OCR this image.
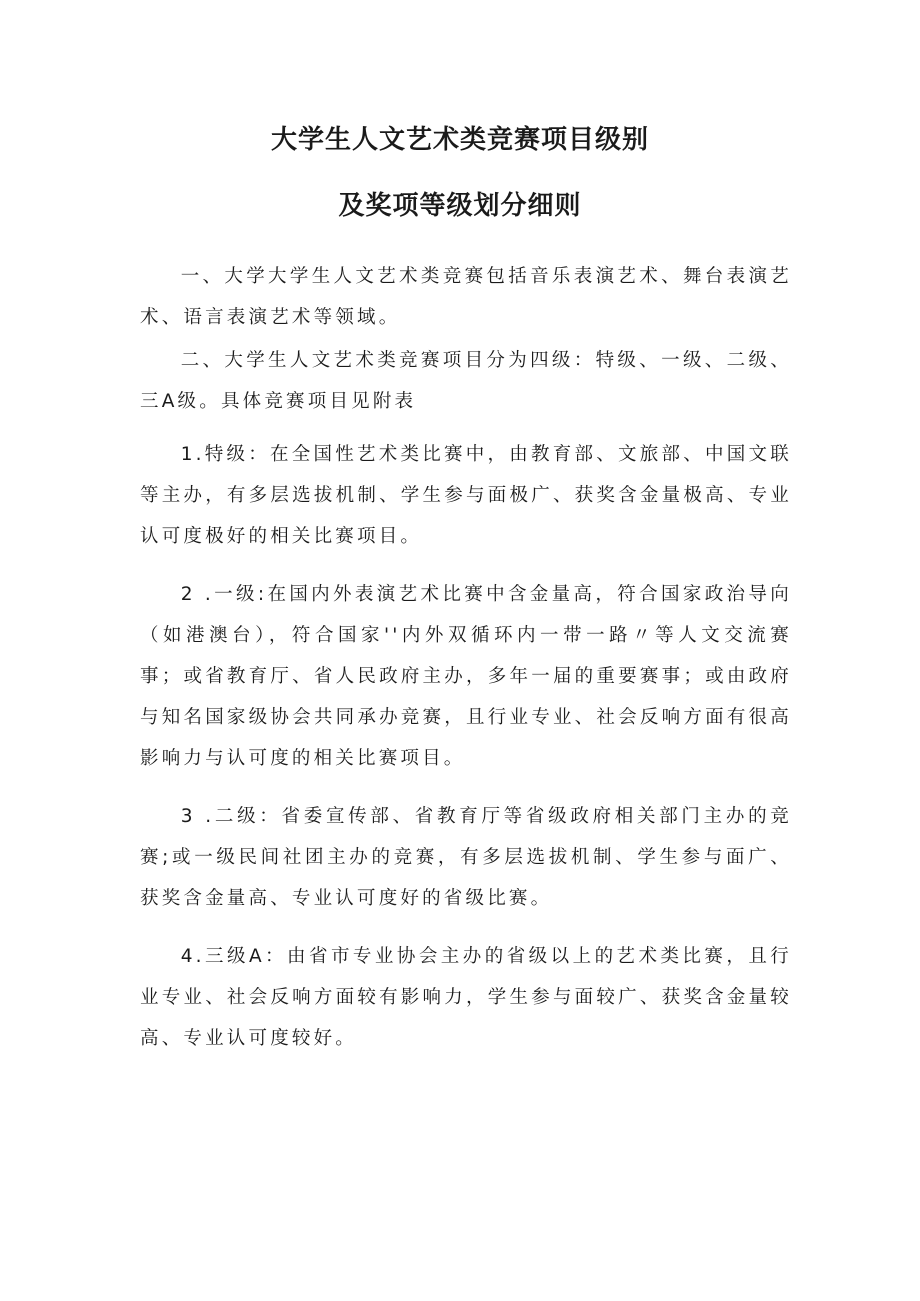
大学生人文艺术类竞赛项目级别
及奖项等级划分细则

一、大学大学生人文艺术类竞赛包括音乐表演艺术、舞台表演艺术、语言表演艺术等领域。

二、大学生人文艺术类竞赛项目分为四级：特级、一级、二级、三A级。具体竞赛项目见附表

1.特级：在全国性艺术类比赛中，由教育部、文旅部、中国文联等主办，有多层选拔机制、学生参与面极广、获奖含金量极高、专业认可度极好的相关比赛项目。

2 .一级:在国内外表演艺术比赛中含金量高，符合国家政治导向（如港澳台），符合国家''内外双循环内一带一路〃等人文交流赛事；或省教育厅、省人民政府主办，多年一届的重要赛事；或由政府与知名国家级协会共同承办竞赛，且行业专业、社会反响方面有很高影响力与认可度的相关比赛项目。

3 .二级：省委宣传部、省教育厅等省级政府相关部门主办的竞赛;或一级民间社团主办的竞赛，有多层选拔机制、学生参与面广、获奖含金量高、专业认可度好的省级比赛。

4.三级A：由省市专业协会主办的省级以上的艺术类比赛，且行业专业、社会反响方面较有影响力，学生参与面较广、获奖含金量较高、专业认可度较好。
